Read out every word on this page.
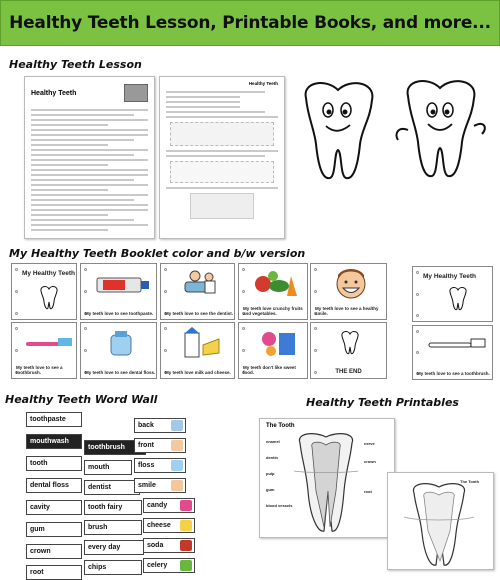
Healthy Teeth Lesson, Printable Books, and more...
Healthy Teeth Lesson
Healthy Teeth
Healthy Teeth
My Healthy Teeth Booklet color and b/w version
My Healthy Teeth
My teeth love to see toothpaste.	My teeth love to see the dentist.
My teeth love crunchy fruits and vegetables.
My teeth love to see a healthy smile.
My teeth love to see a toothbrush.	My teeth love to see dental floss.	My teeth love milk and cheese.
My teeth don't like sweet food.	THE END
My Healthy Teeth
My teeth love to see a toothbrush.
Healthy Teeth Word Wall
toothpaste
mouthwash
tooth
dental floss
cavity
gum
crown
root
toothbrush
mouth
dentist
tooth fairy
brush
every day
chips
back
front
floss
smile
candy
cheese
soda
celery
Healthy Teeth Printables
The Tooth
enamel
dentin
pulp
gum
blood vessels
nerve
crown
root
The Tooth
